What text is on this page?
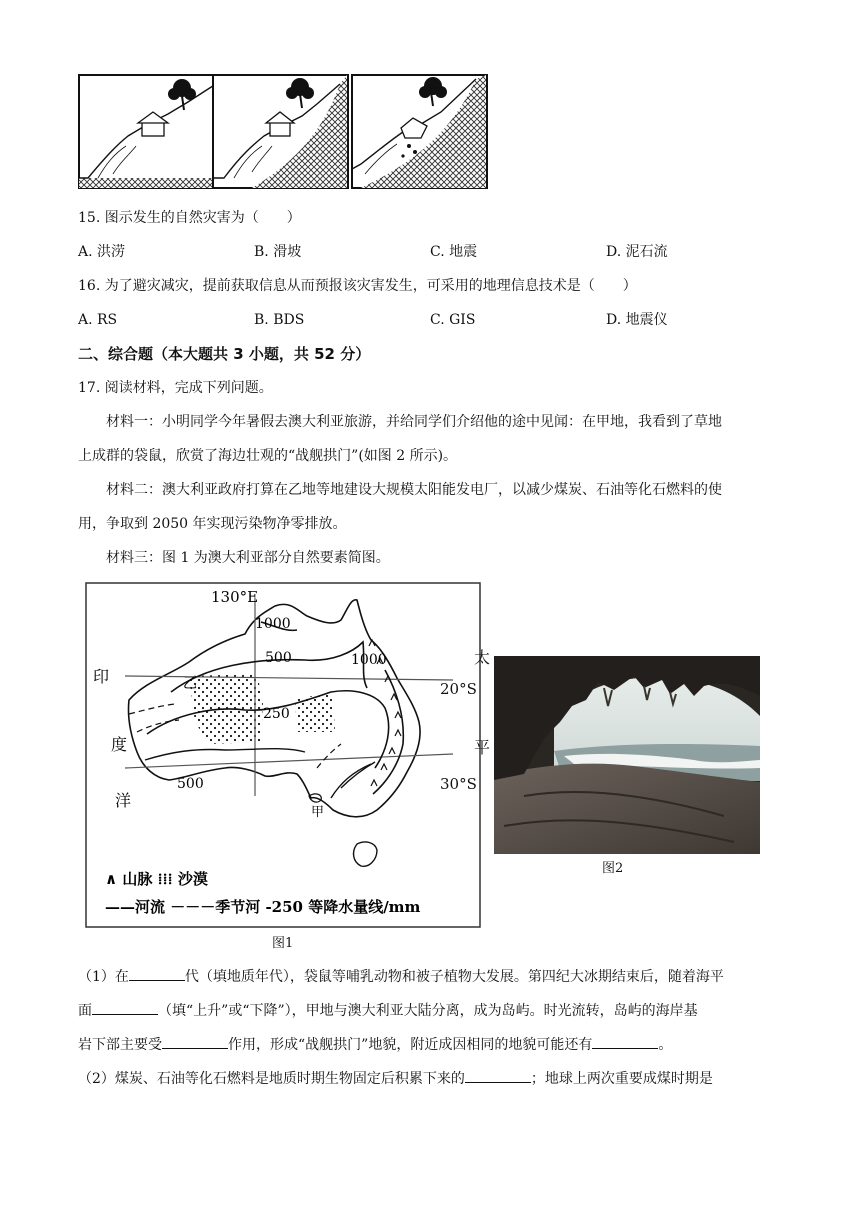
15. 图示发生的自然灾害为（　　）
A. 洪涝	B. 滑坡	C. 地震	D. 泥石流
16. 为了避灾减灾，提前获取信息从而预报该灾害发生，可采用的地理信息技术是（　　）
A. RS	B. BDS	C. GIS	D. 地震仪
二、综合题（本大题共 3 小题，共 52 分）
17. 阅读材料，完成下列问题。
材料一：小明同学今年暑假去澳大利亚旅游，并给同学们介绍他的途中见闻：在甲地，我看到了草地
上成群的袋鼠，欣赏了海边壮观的“战舰拱门”(如图 2 所示)。
材料二：澳大利亚政府打算在乙地等地建设大规模太阳能发电厂，以减少煤炭、石油等化石燃料的使
用，争取到 2050 年实现污染物净零排放。
材料三：图 1 为澳大利亚部分自然要素简图。
130°E
1000
1000
500
250
500
乙
甲
印
度
洋
∧ 山脉 ⁞⁞⁞ 沙漠
——河流 －－－季节河 -250 等降水量线/mm
太
平
20°S
30°S
图1
图2
（1）在	代（填地质年代），袋鼠等哺乳动物和被子植物大发展。第四纪大冰期结束后，随着海平
面	（填“上升”或“下降”），甲地与澳大利亚大陆分离，成为岛屿。时光流转，岛屿的海岸基
岩下部主要受	作用，形成“战舰拱门”地貌，附近成因相同的地貌可能还有	。
（2）煤炭、石油等化石燃料是地质时期生物固定后积累下来的	；地球上两次重要成煤时期是
